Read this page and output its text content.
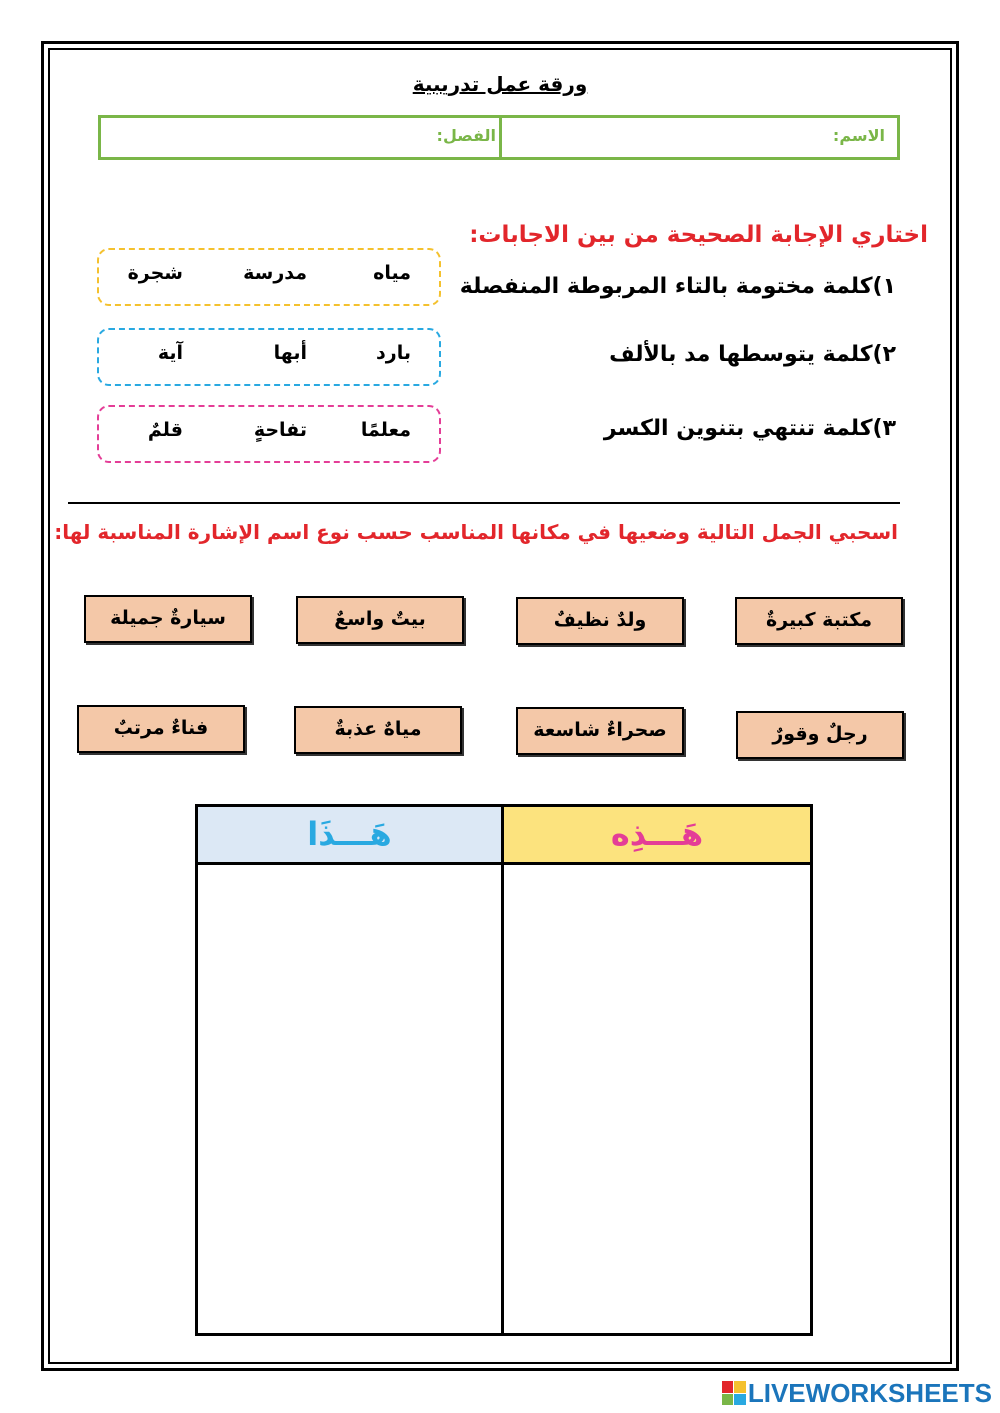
ورقة عمل تدريبية
الاسم:
الفصل:
اختاري الإجابة الصحيحة من بين الاجابات:
١)كلمة مختومة بالتاء المربوطة المنفصلة
٢)كلمة يتوسطها مد بالألف
٣)كلمة تنتهي بتنوين الكسر
مياه
مدرسة
شجرة
بارد
أبها
آية
معلمًا
تفاحةٍ
قلمٌ
اسحبي الجمل التالية وضعيها في مكانها المناسب حسب نوع اسم الإشارة المناسبة لها:
مكتبة كبيرةٌ
ولدٌ نظيفٌ
بيتٌ واسعٌ
سيارةٌ جميلة
رجلٌ وقورٌ
صحراءٌ شاسعة
مياهٌ عذبةٌ
فناءٌ مرتبٌ
هَـــذَا	هَـــذِه
LIVEWORKSHEETS
